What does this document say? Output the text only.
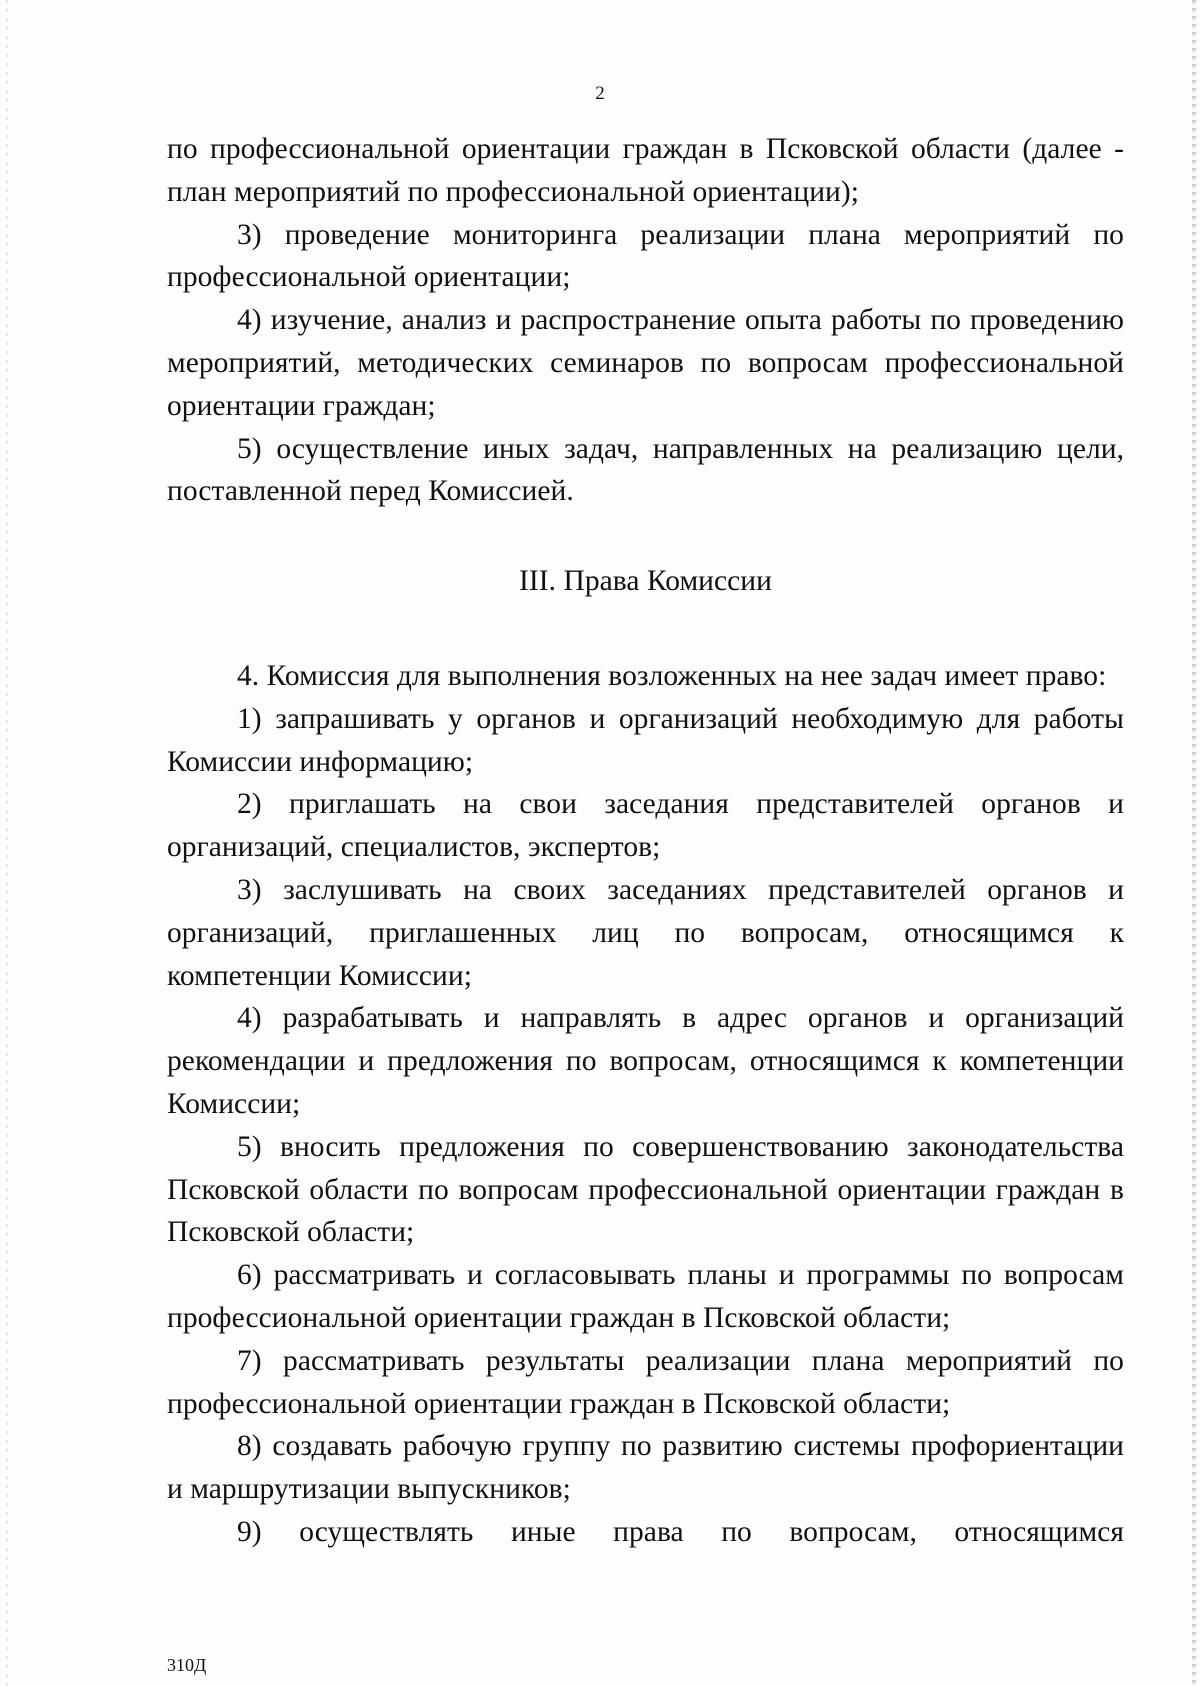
2

по профессиональной ориентации граждан в Псковской области (далее - план мероприятий по профессиональной ориентации);

3) проведение мониторинга реализации плана мероприятий по профессиональной ориентации;

4) изучение, анализ и распространение опыта работы по проведению мероприятий, методических семинаров по вопросам профессиональной ориентации граждан;

5) осуществление иных задач, направленных на реализацию цели, поставленной перед Комиссией.

III. Права Комиссии

4. Комиссия для выполнения возложенных на нее задач имеет право:

1) запрашивать у органов и организаций необходимую для работы Комиссии информацию;

2) приглашать на свои заседания представителей органов и организаций, специалистов, экспертов;

3) заслушивать на своих заседаниях представителей органов и организаций, приглашенных лиц по вопросам, относящимся к компетенции Комиссии;

4) разрабатывать и направлять в адрес органов и организаций рекомендации и предложения по вопросам, относящимся к компетенции Комиссии;

5) вносить предложения по совершенствованию законодательства Псковской области по вопросам профессиональной ориентации граждан в Псковской области;

6) рассматривать и согласовывать планы и программы по вопросам профессиональной ориентации граждан в Псковской области;

7) рассматривать результаты реализации плана мероприятий по профессиональной ориентации граждан в Псковской области;

8) создавать рабочую группу по развитию системы профориентации и маршрутизации выпускников;

9) осуществлять иные права по вопросам, относящимся

310Д
